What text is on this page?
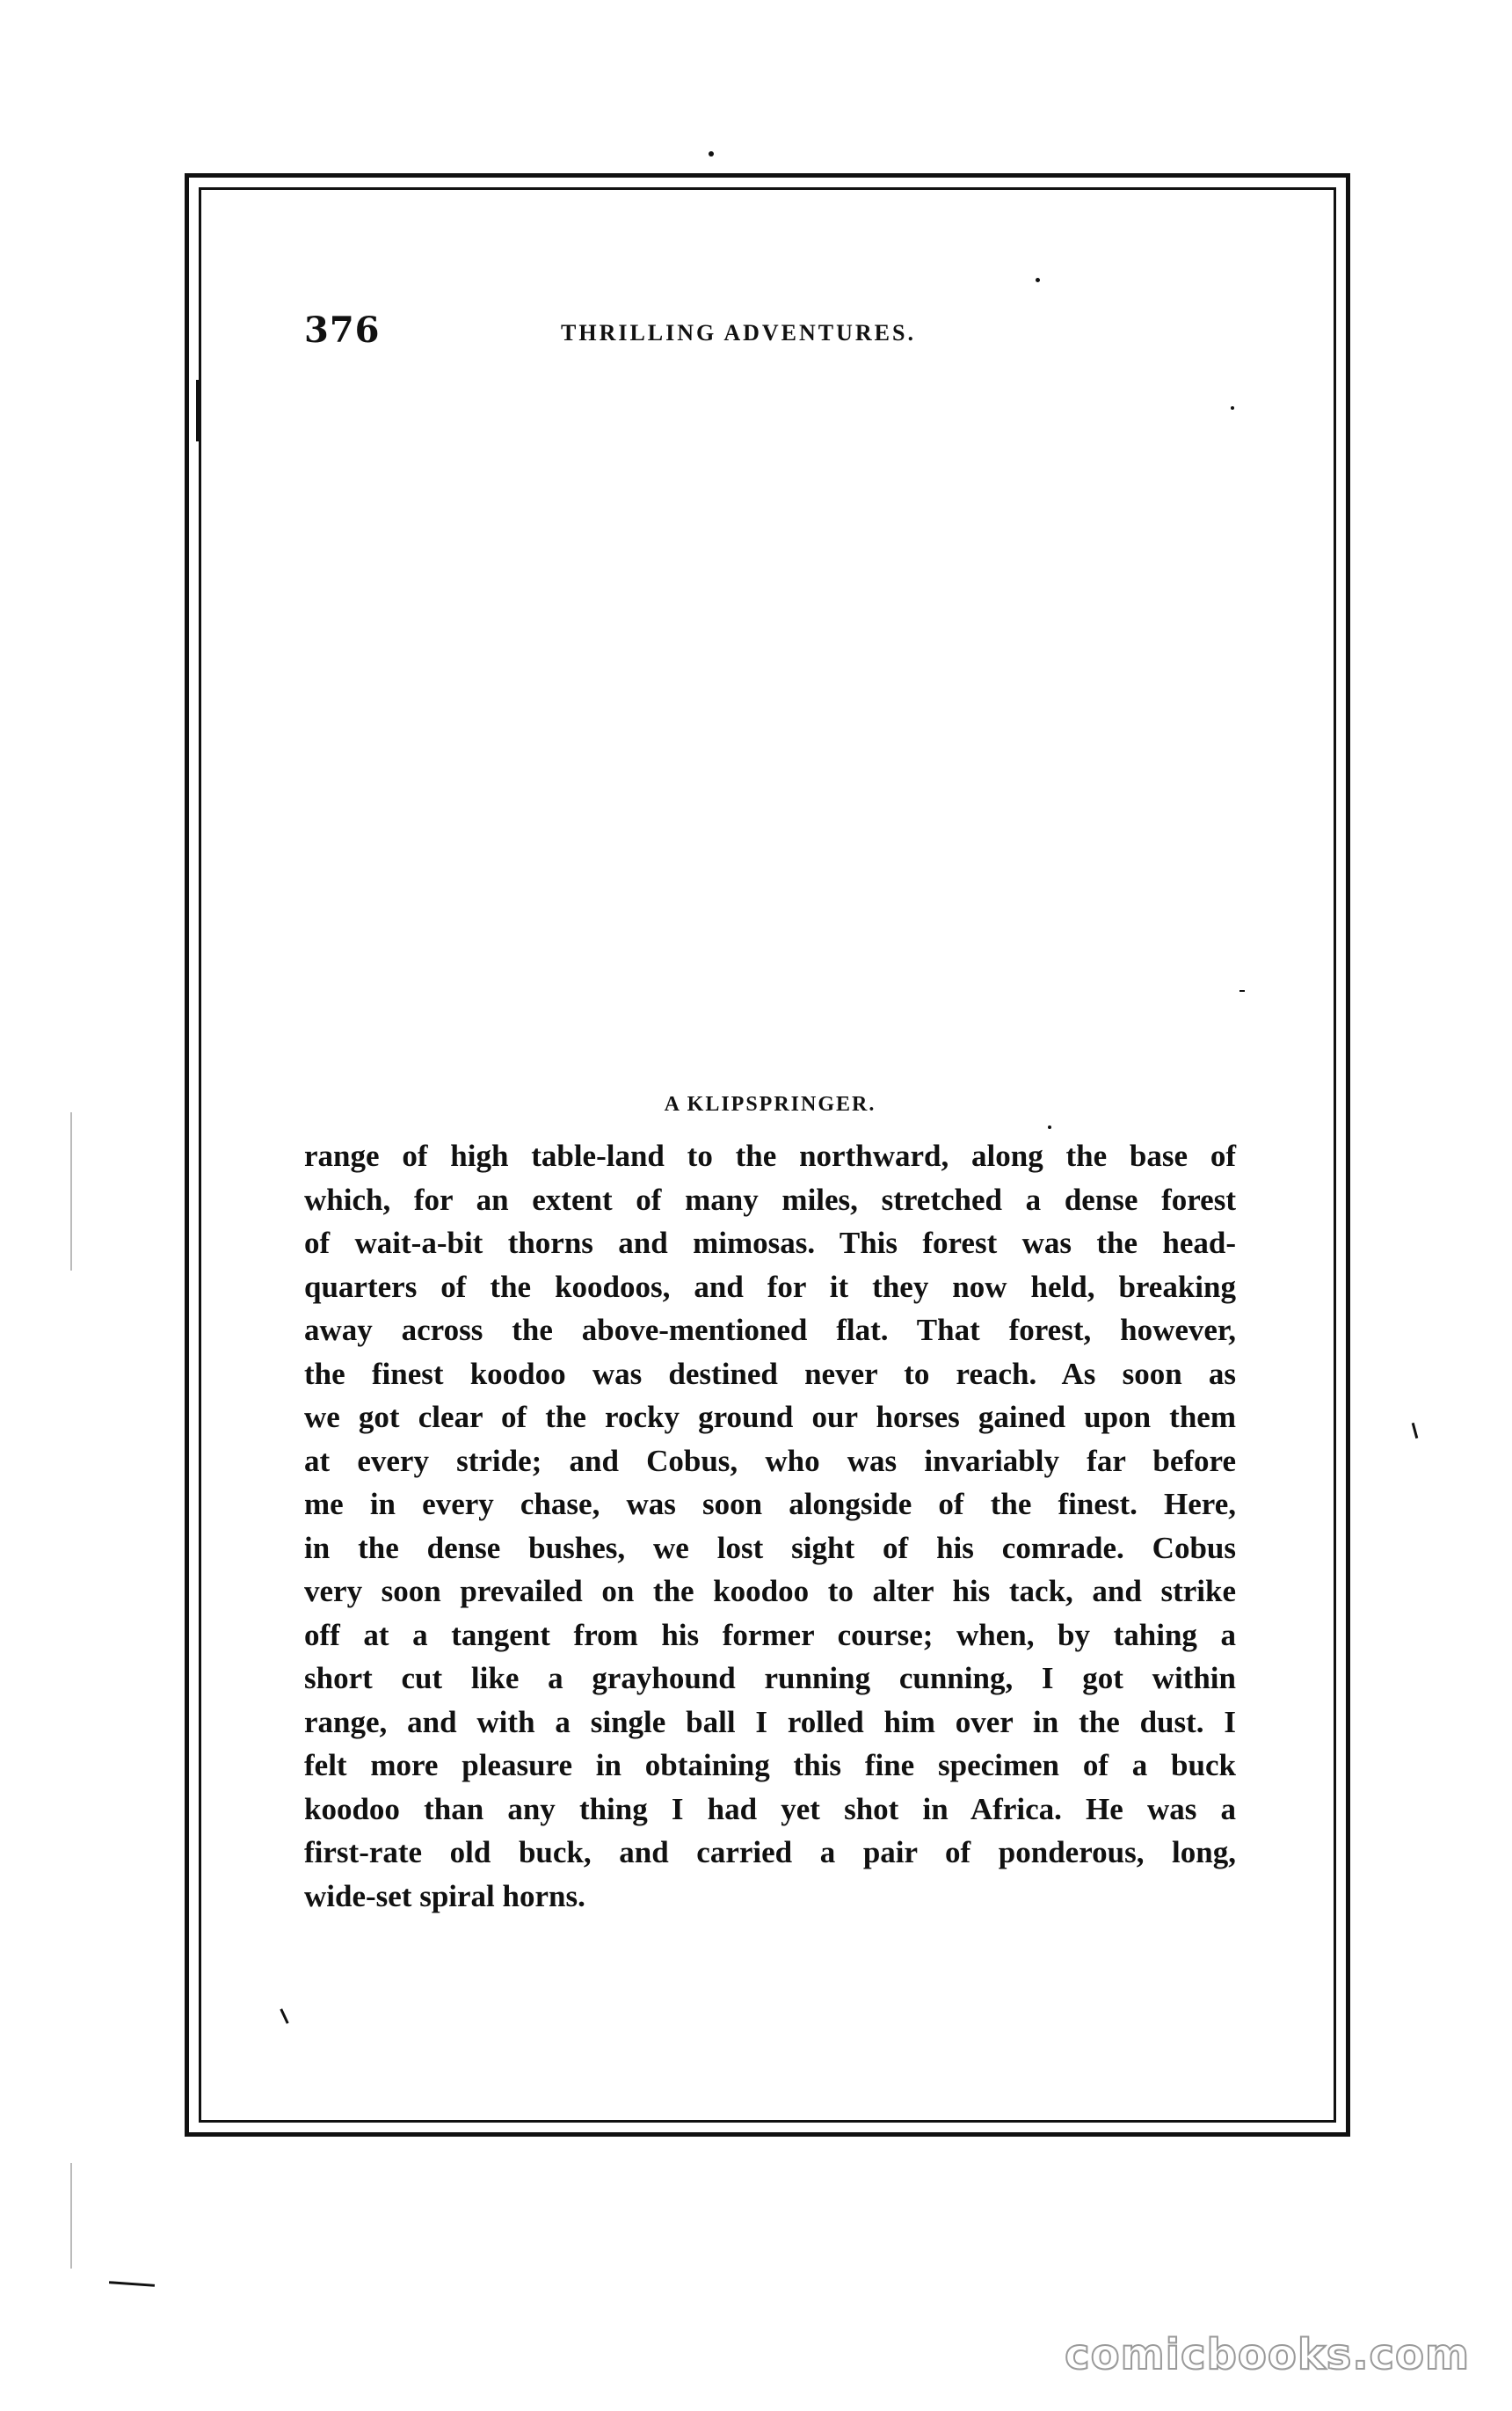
376	THRILLING ADVENTURES.
A KLIPSPRINGER.
range of high table-land to the northward, along the base of
which, for an extent of many miles, stretched a dense forest
of wait-a-bit thorns and mimosas. This forest was the head-
quarters of the koodoos, and for it they now held, breaking
away across the above-mentioned flat. That forest, however,
the finest koodoo was destined never to reach. As soon as
we got clear of the rocky ground our horses gained upon them
at every stride; and Cobus, who was invariably far before
me in every chase, was soon alongside of the finest. Here,
in the dense bushes, we lost sight of his comrade. Cobus
very soon prevailed on the koodoo to alter his tack, and strike
off at a tangent from his former course; when, by tahing a
short cut like a grayhound running cunning, I got within
range, and with a single ball I rolled him over in the dust. I
felt more pleasure in obtaining this fine specimen of a buck
koodoo than any thing I had yet shot in Africa. He was a
first-rate old buck, and carried a pair of ponderous, long,
wide-set spiral horns.
comicbooks.com
